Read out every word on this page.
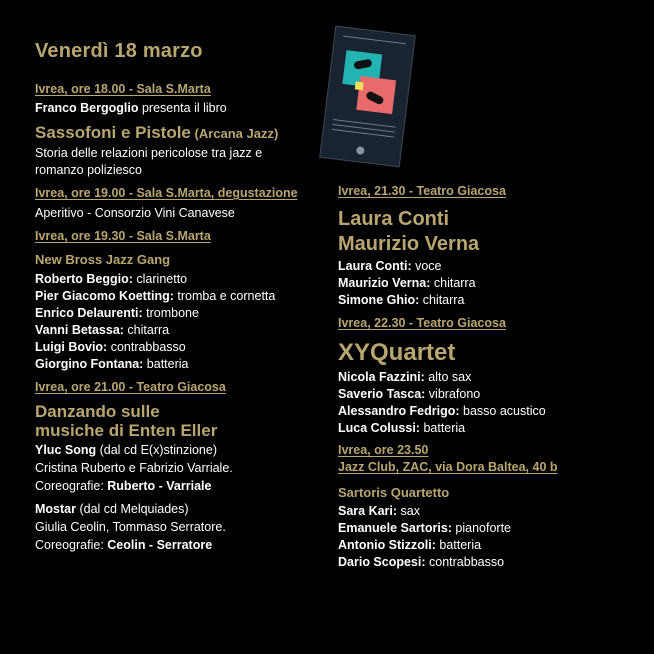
Venerdì 18 marzo
Ivrea, ore 18.00 - Sala S.Marta
Franco Bergoglio presenta il libro
Sassofoni e Pistole (Arcana Jazz)
Storia delle relazioni pericolose tra jazz e
romanzo poliziesco
Ivrea, ore 19.00 - Sala S.Marta, degustazione
Aperitivo - Consorzio Vini Canavese
Ivrea, ore 19.30 - Sala S.Marta
New Bross Jazz Gang
Roberto Beggio: clarinetto
Pier Giacomo Koetting: tromba e cornetta
Enrico Delaurenti: trombone
Vanni Betassa: chitarra
Luigi Bovio: contrabbasso
Giorgino Fontana: batteria
Ivrea, ore 21.00 - Teatro Giacosa
Danzando sulle
musiche di Enten Eller
Yluc Song (dal cd E(x)stinzione)
Cristina Ruberto e Fabrizio Varriale.
Coreografie: Ruberto - Varriale
Mostar (dal cd Melquiades)
Giulia Ceolin, Tommaso Serratore.
Coreografie: Ceolin - Serratore
Ivrea, 21.30 - Teatro Giacosa
Laura Conti
Maurizio Verna
Laura Conti: voce
Maurizio Verna: chitarra
Simone Ghio: chitarra
Ivrea, 22.30 - Teatro Giacosa
XYQuartet
Nicola Fazzini: alto sax
Saverio Tasca: vibrafono
Alessandro Fedrigo: basso acustico
Luca Colussi: batteria
Ivrea, ore 23.50
Jazz Club, ZAC, via Dora Baltea, 40 b
Sartoris Quartetto
Sara Kari: sax
Emanuele Sartoris: pianoforte
Antonio Stizzoli: batteria
Dario Scopesi: contrabbasso
